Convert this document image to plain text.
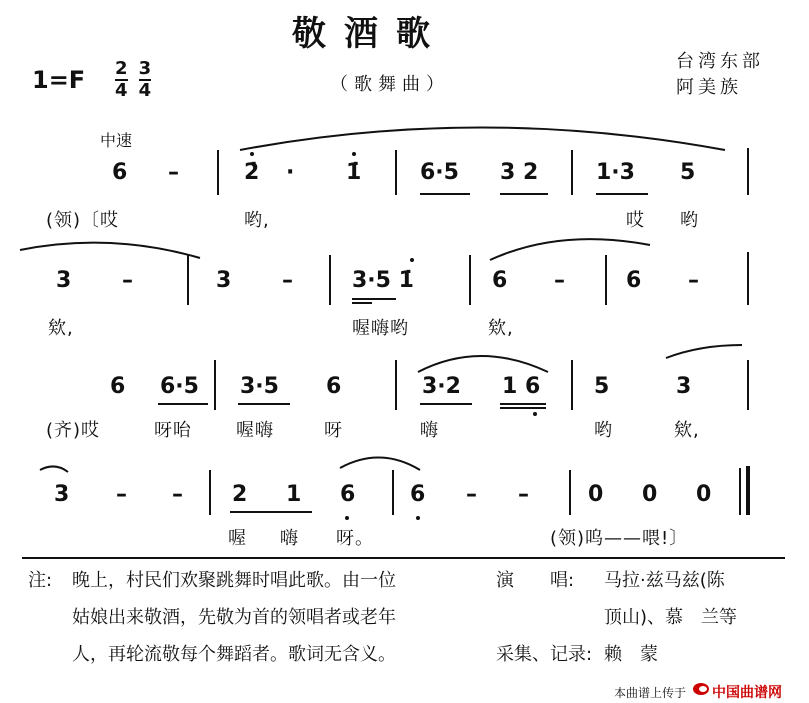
敬酒歌
（歌舞曲）
台湾东部
阿美族
$1=F \frac{2}{4}$
$\frac{3}{4}$
中速
6 –	2̇ · 1̇	6·5 3 2	1·3 5
(领)〔哎	哟,	哎 哟
3 –	3 –	3·5 1̇	6 –	6 –
欸,	喔嗨哟	欸,
6 6·5 3·5 6	3·2 1 6 5	3
(齐)哎	呀咍 喔嗨	呀	嗨	哟	欸,
3 – – 2 1 6 6 – –	0 0 0
喔 嗨 呀。	(领)呜——喂!〕
注: 晚上，村民们欢聚跳舞时唱此歌。由一位
姑娘出来敬酒，先敬为首的领唱者或老年
人，再轮流敬每个舞蹈者。歌词无含义。
演　　唱: 马拉·兹马兹(陈
顶山)、慕　兰等
采集、记录: 赖　蒙
本曲谱上传于 中国曲谱网
